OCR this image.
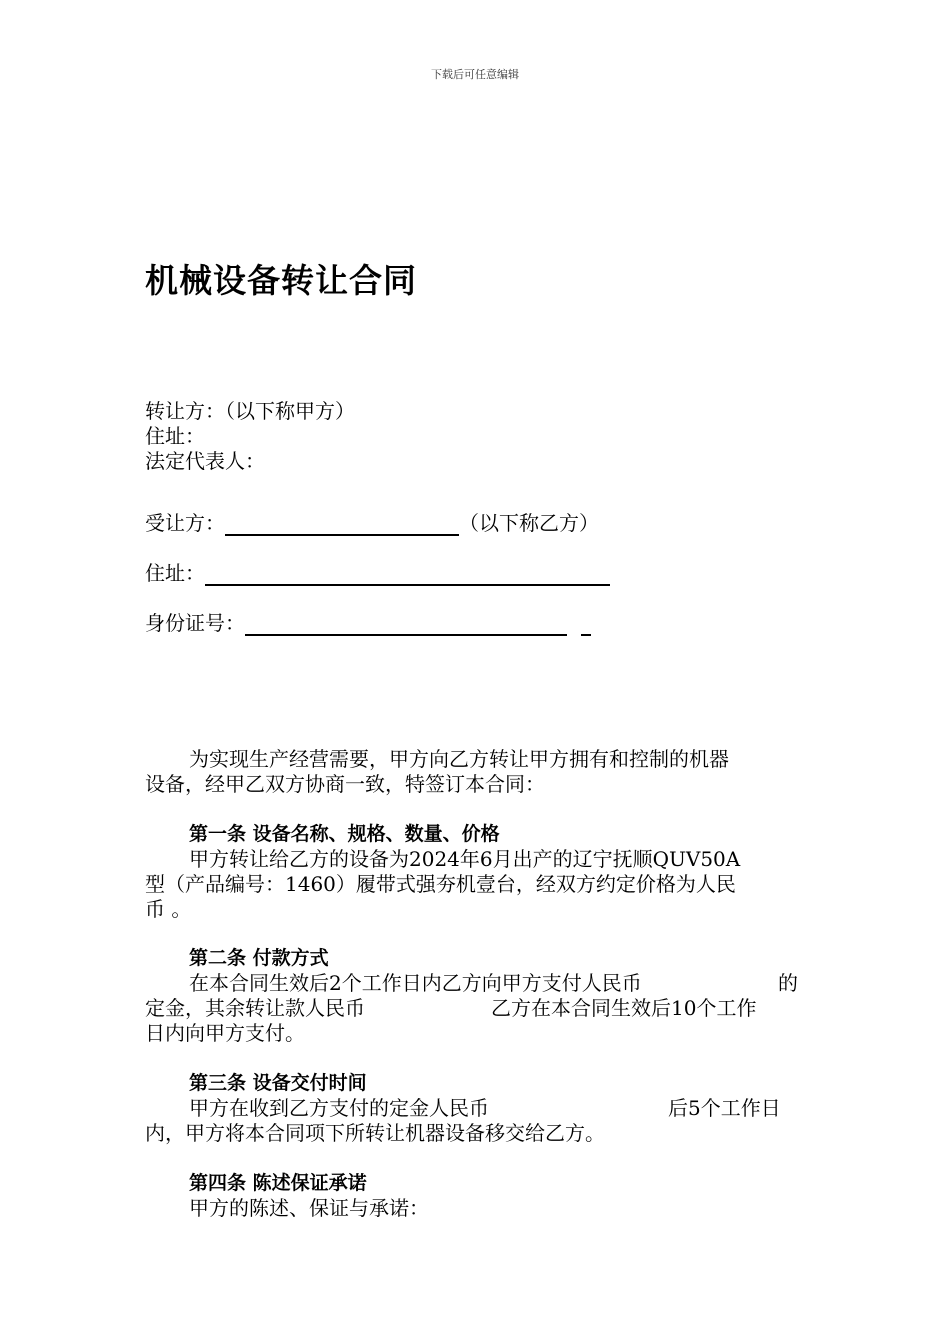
下载后可任意编辑
机械设备转让合同
转让方：（以下称甲方）
住址：
法定代表人：
受让方：	（以下称乙方）
住址：
身份证号：
为实现生产经营需要，甲方向乙方转让甲方拥有和控制的机器
设备，经甲乙双方协商一致，特签订本合同：
第一条 设备名称、规格、数量、价格
甲方转让给乙方的设备为2024年6月出产的辽宁抚顺QUV50A
型（产品编号：1460）履带式强夯机壹台，经双方约定价格为人民
币 。
第二条 付款方式
在本合同生效后2个工作日内乙方向甲方支付人民币	的
定金，其余转让款人民币	乙方在本合同生效后10个工作
日内向甲方支付。
第三条 设备交付时间
甲方在收到乙方支付的定金人民币	后5个工作日
内，甲方将本合同项下所转让机器设备移交给乙方。
第四条 陈述保证承诺
甲方的陈述、保证与承诺：
